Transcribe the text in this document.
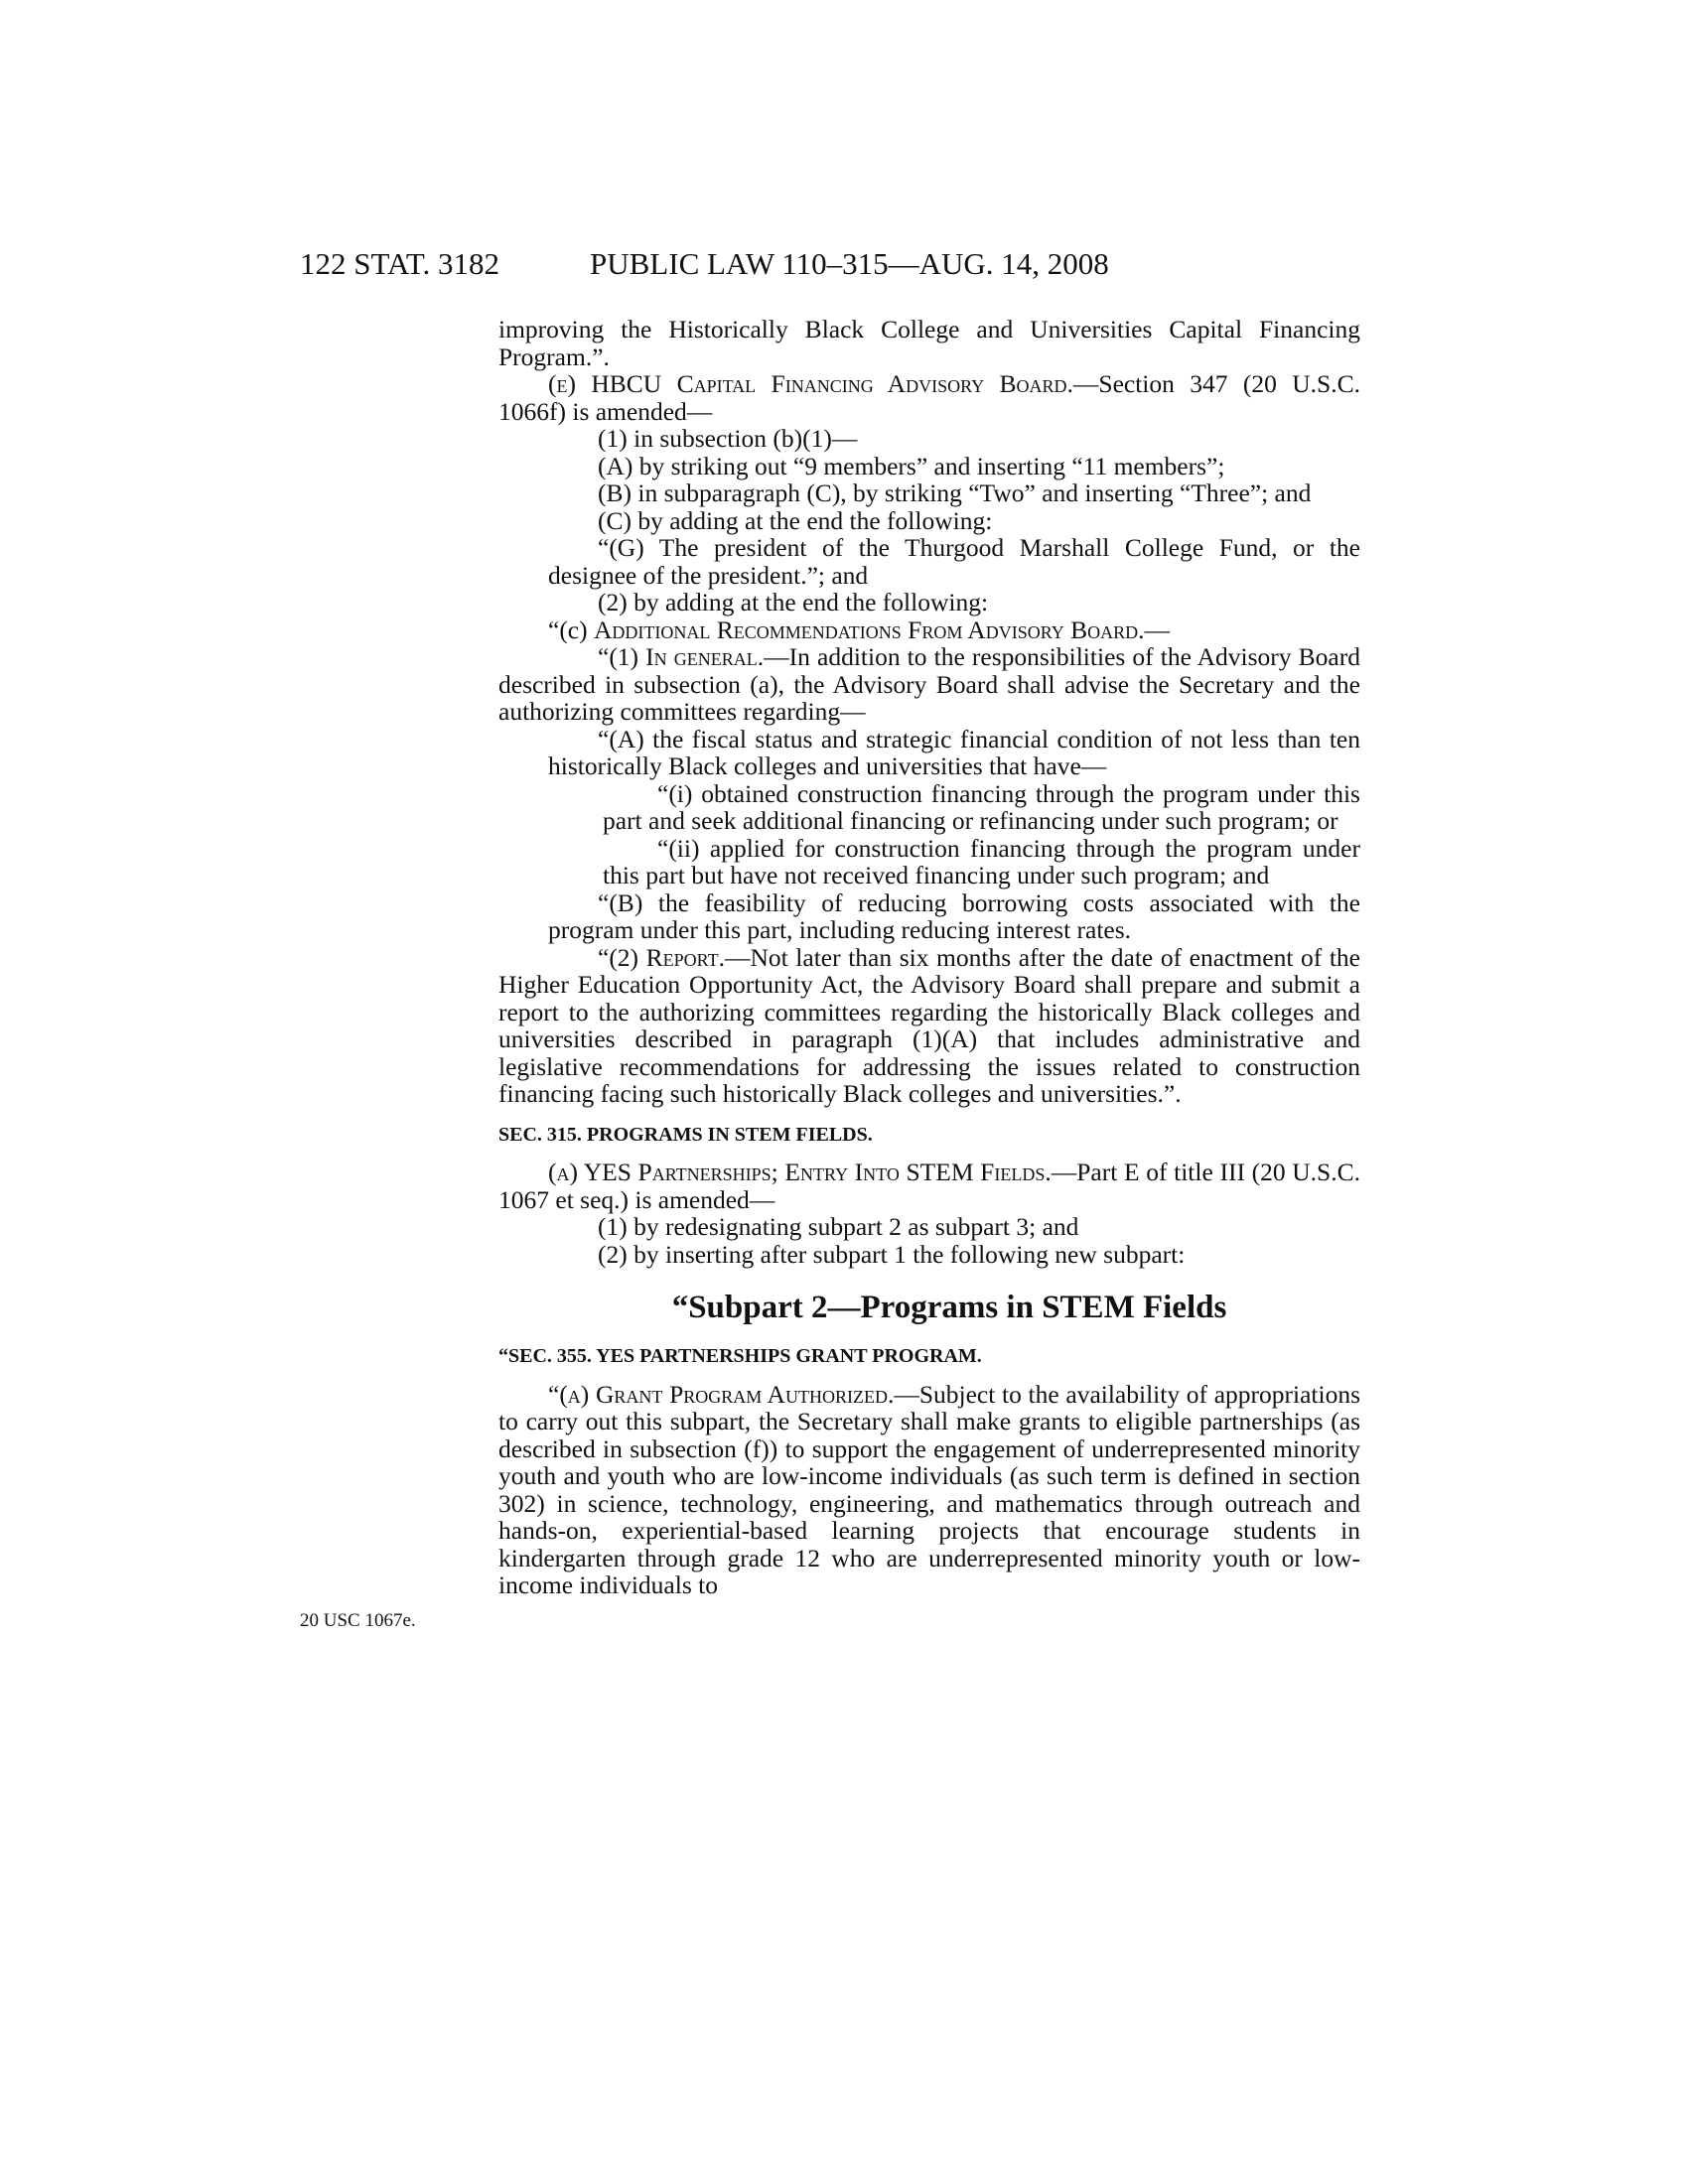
122 STAT. 3182	PUBLIC LAW 110–315—AUG. 14, 2008
20 USC 1067e.

improving the Historically Black College and Universities Capital Financing Program.”.

(e) HBCU Capital Financing Advisory Board.—Section 347 (20 U.S.C. 1066f) is amended—

(1) in subsection (b)(1)—

(A) by striking out “9 members” and inserting “11 members”;

(B) in subparagraph (C), by striking “Two” and inserting “Three”; and

(C) by adding at the end the following:

“(G) The president of the Thurgood Marshall College Fund, or the designee of the president.”; and

(2) by adding at the end the following:

“(c) Additional Recommendations From Advisory Board.—

“(1) In general.—In addition to the responsibilities of the Advisory Board described in subsection (a), the Advisory Board shall advise the Secretary and the authorizing committees regarding—

“(A) the fiscal status and strategic financial condition of not less than ten historically Black colleges and universities that have—

“(i) obtained construction financing through the program under this part and seek additional financing or refinancing under such program; or

“(ii) applied for construction financing through the program under this part but have not received financing under such program; and

“(B) the feasibility of reducing borrowing costs associated with the program under this part, including reducing interest rates.

“(2) Report.—Not later than six months after the date of enactment of the Higher Education Opportunity Act, the Advisory Board shall prepare and submit a report to the authorizing committees regarding the historically Black colleges and universities described in paragraph (1)(A) that includes administrative and legislative recommendations for addressing the issues related to construction financing facing such historically Black colleges and universities.”.

SEC. 315. PROGRAMS IN STEM FIELDS.

(a) YES Partnerships; Entry Into STEM Fields.—Part E of title III (20 U.S.C. 1067 et seq.) is amended—

(1) by redesignating subpart 2 as subpart 3; and

(2) by inserting after subpart 1 the following new subpart:

“Subpart 2—Programs in STEM Fields

“SEC. 355. YES PARTNERSHIPS GRANT PROGRAM.

“(a) Grant Program Authorized.—Subject to the availability of appropriations to carry out this subpart, the Secretary shall make grants to eligible partnerships (as described in subsection (f)) to support the engagement of underrepresented minority youth and youth who are low-income individuals (as such term is defined in section 302) in science, technology, engineering, and mathematics through outreach and hands-on, experiential-based learning projects that encourage students in kindergarten through grade 12 who are underrepresented minority youth or low-income individuals to
